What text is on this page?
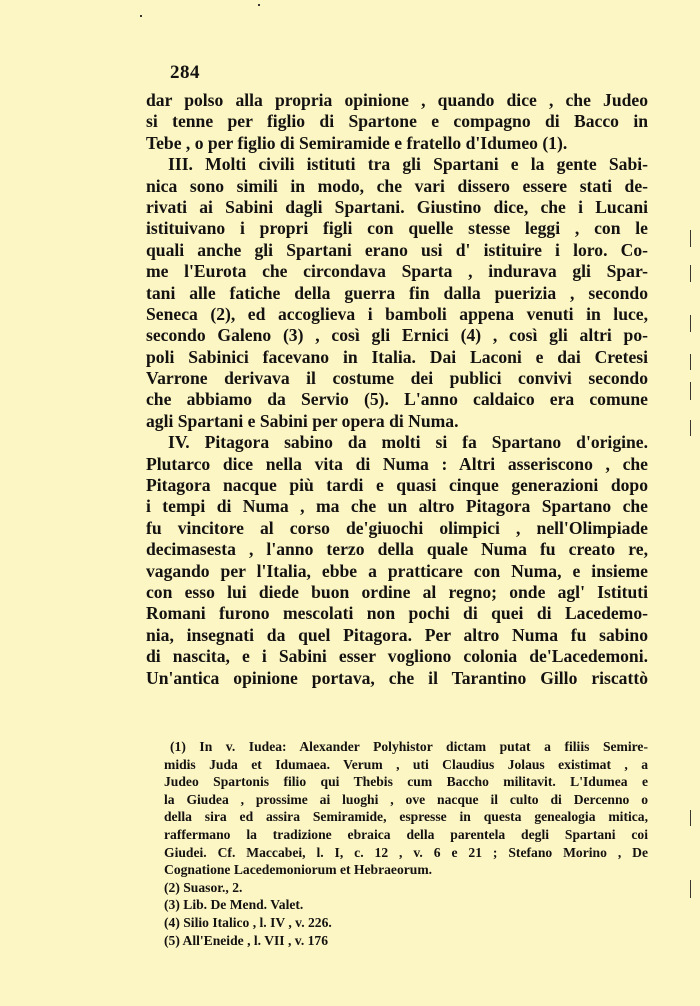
284
dar polso alla propria opinione , quando dice , che Judeo
si tenne per figlio di Spartone e compagno di Bacco in
Tebe , o per figlio di Semiramide e fratello d'Idumeo (1).
III. Molti civili istituti tra gli Spartani e la gente Sabi-
nica sono simili in modo, che vari dissero essere stati de-
rivati ai Sabini dagli Spartani. Giustino dice, che i Lucani
istituivano i propri figli con quelle stesse leggi , con le
quali anche gli Spartani erano usi d' istituire i loro. Co-
me l'Eurota che circondava Sparta , indurava gli Spar-
tani alle fatiche della guerra fin dalla puerizia , secondo
Seneca (2), ed accoglieva i bamboli appena venuti in luce,
secondo Galeno (3) , così gli Ernici (4) , così gli altri po-
poli Sabinici facevano in Italia. Dai Laconi e dai Cretesi
Varrone derivava il costume dei publici convivi secondo
che abbiamo da Servio (5). L'anno caldaico era comune
agli Spartani e Sabini per opera di Numa.
IV. Pitagora sabino da molti si fa Spartano d'origine.
Plutarco dice nella vita di Numa : Altri asseriscono , che
Pitagora nacque più tardi e quasi cinque generazioni dopo
i tempi di Numa , ma che un altro Pitagora Spartano che
fu vincitore al corso de'giuochi olimpici , nell'Olimpiade
decimasesta , l'anno terzo della quale Numa fu creato re,
vagando per l'Italia, ebbe a pratticare con Numa, e insieme
con esso lui diede buon ordine al regno; onde agl' Istituti
Romani furono mescolati non pochi di quei di Lacedemo-
nia, insegnati da quel Pitagora. Per altro Numa fu sabino
di nascita, e i Sabini esser vogliono colonia de'Lacedemoni.
Un'antica opinione portava, che il Tarantino Gillo riscattò
(1) In v. Iudea: Alexander Polyhistor dictam putat a filiis Semire-
midis Juda et Idumaea. Verum , uti Claudius Jolaus existimat , a
Judeo Spartonis filio qui Thebis cum Baccho militavit. L'Idumea e
la Giudea , prossime ai luoghi , ove nacque il culto di Dercenno o
della sira ed assira Semiramide, espresse in questa genealogia mitica,
raffermano la tradizione ebraica della parentela degli Spartani coi
Giudei. Cf. Maccabei, l. I, c. 12 , v. 6 e 21 ; Stefano Morino , De
Cognatione Lacedemoniorum et Hebraeorum.
(2) Suasor., 2.
(3) Lib. De Mend. Valet.
(4) Silio Italico , l. IV , v. 226.
(5) All'Eneide , l. VII , v. 176
